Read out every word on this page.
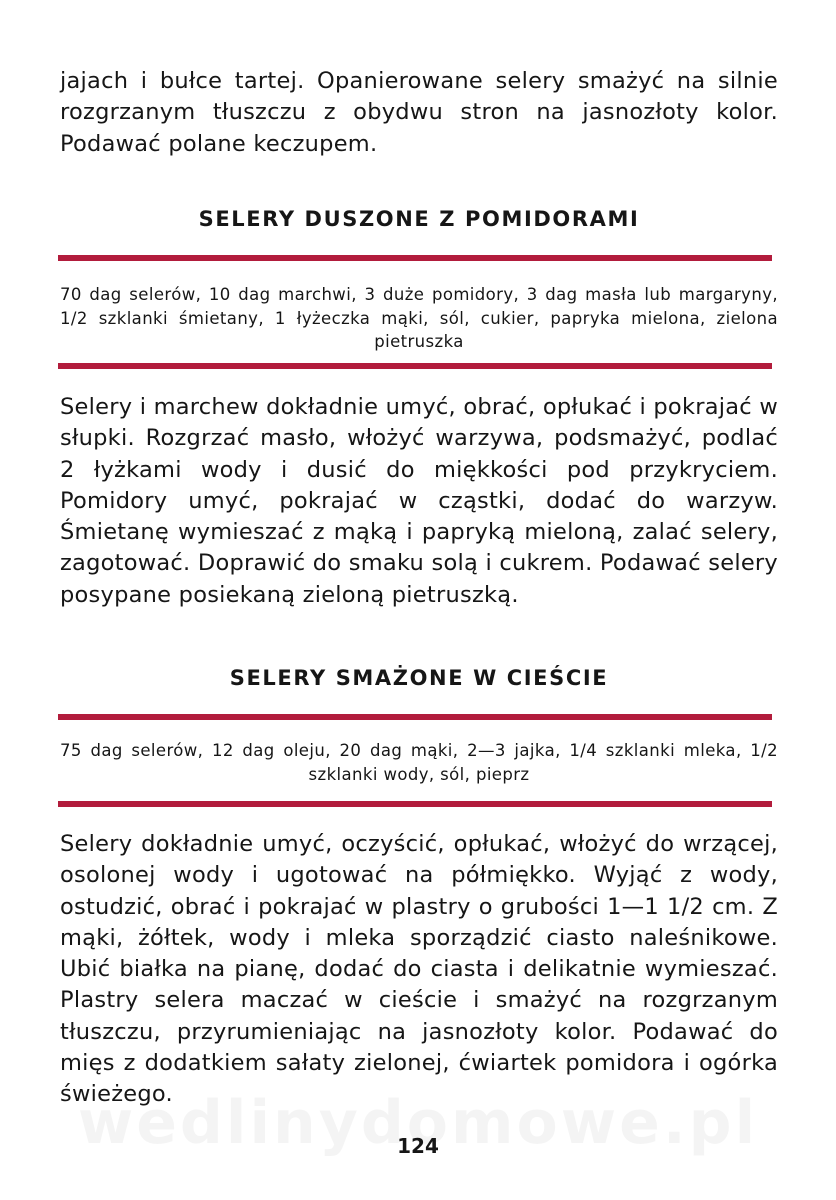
jajach i bułce tartej. Opanierowane selery smażyć na silnie rozgrzanym tłuszczu z obydwu stron na jasnozłoty kolor. Podawać polane keczupem.

SELERY DUSZONE Z POMIDORAMI

70 dag selerów, 10 dag marchwi, 3 duże pomidory, 3 dag masła lub margaryny, 1/2 szklanki śmietany, 1 łyżeczka mąki, sól, cukier, papryka mielona, zielona pietruszka

Selery i marchew dokładnie umyć, obrać, opłukać i pokrajać w słupki. Rozgrzać masło, włożyć warzywa, podsmażyć, podlać 2 łyżkami wody i dusić do miękkości pod przykryciem. Pomidory umyć, pokrajać w cząstki, dodać do warzyw. Śmietanę wymieszać z mąką i papryką mieloną, zalać selery, zagotować. Doprawić do smaku solą i cukrem. Podawać selery posypane posiekaną zieloną pietruszką.

SELERY SMAŻONE W CIEŚCIE

75 dag selerów, 12 dag oleju, 20 dag mąki, 2—3 jajka, 1/4 szklanki mleka, 1/2 szklanki wody, sól, pieprz

Selery dokładnie umyć, oczyścić, opłukać, włożyć do wrzącej, osolonej wody i ugotować na półmiękko. Wyjąć z wody, ostudzić, obrać i pokrajać w plastry o grubości 1—1 1/2 cm. Z mąki, żółtek, wody i mleka sporządzić ciasto naleśnikowe. Ubić białka na pianę, dodać do ciasta i delikatnie wymieszać. Plastry selera maczać w cieście i smażyć na rozgrzanym tłuszczu, przyrumieniając na jasnozłoty kolor. Podawać do mięs z dodatkiem sałaty zielonej, ćwiartek pomidora i ogórka świeżego.

124
